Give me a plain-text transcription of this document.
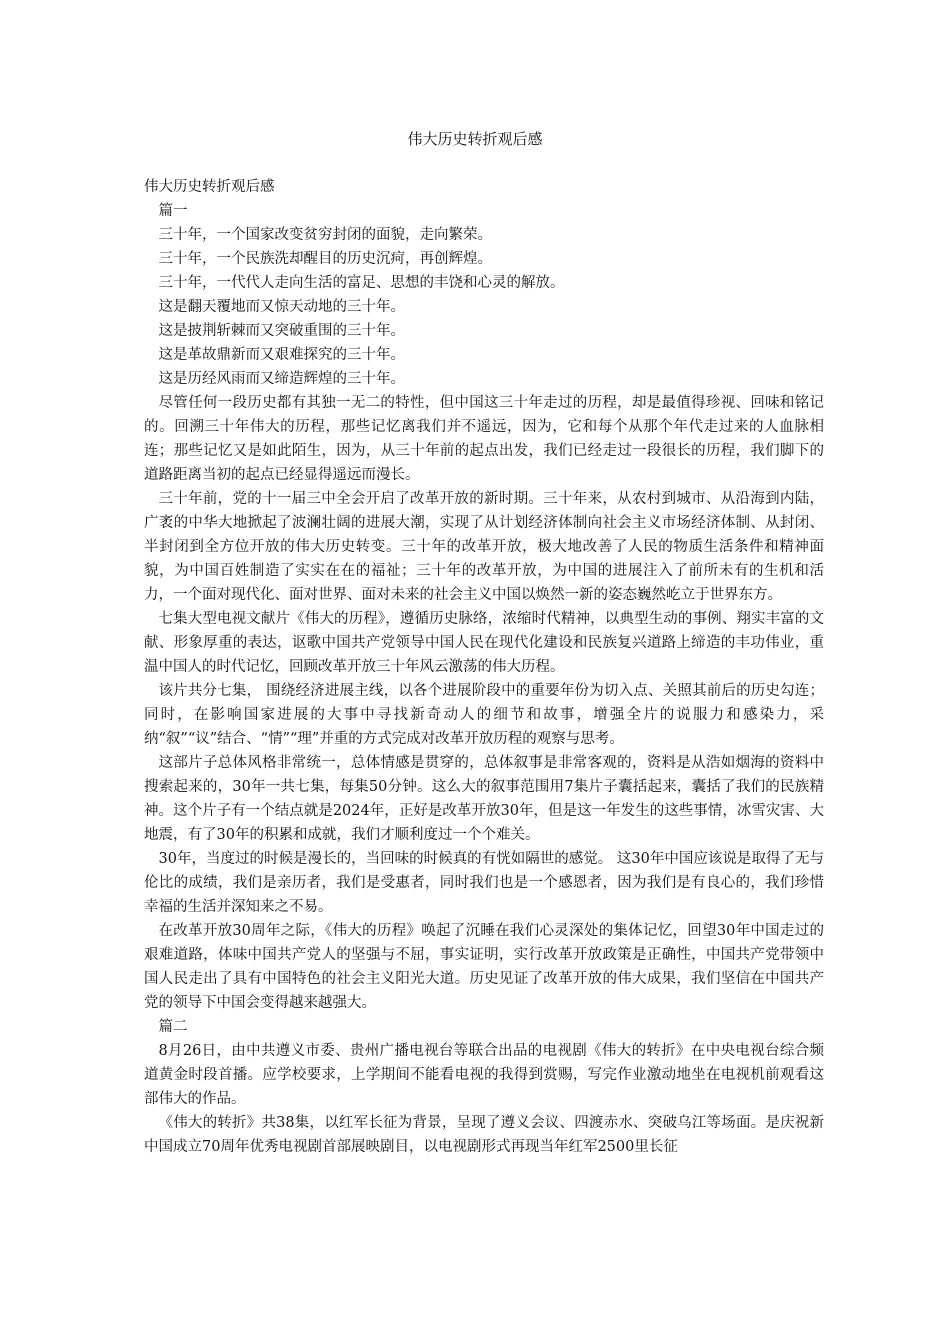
伟大历史转折观后感

伟大历史转折观后感

篇一

三十年，一个国家改变贫穷封闭的面貌，走向繁荣。

三十年，一个民族洗却醒目的历史沉疴，再创辉煌。

三十年，一代代人走向生活的富足、思想的丰饶和心灵的解放。

这是翻天覆地而又惊天动地的三十年。

这是披荆斩棘而又突破重围的三十年。

这是革故鼎新而又艰难探究的三十年。

这是历经风雨而又缔造辉煌的三十年。

尽管任何一段历史都有其独一无二的特性，但中国这三十年走过的历程，却是最值得珍视、回味和铭记的。回溯三十年伟大的历程，那些记忆离我们并不遥远，因为，它和每个从那个年代走过来的人血脉相连；那些记忆又是如此陌生，因为，从三十年前的起点出发，我们已经走过一段很长的历程，我们脚下的道路距离当初的起点已经显得遥远而漫长。

三十年前，党的十一届三中全会开启了改革开放的新时期。三十年来，从农村到城市、从沿海到内陆，广袤的中华大地掀起了波澜壮阔的进展大潮，实现了从计划经济体制向社会主义市场经济体制、从封闭、半封闭到全方位开放的伟大历史转变。三十年的改革开放，极大地改善了人民的物质生活条件和精神面貌，为中国百姓制造了实实在在的福祉；三十年的改革开放，为中国的进展注入了前所未有的生机和活力，一个面对现代化、面对世界、面对未来的社会主义中国以焕然一新的姿态巍然屹立于世界东方。

七集大型电视文献片《伟大的历程》，遵循历史脉络，浓缩时代精神，以典型生动的事例、翔实丰富的文献、形象厚重的表达，讴歌中国共产党领导中国人民在现代化建设和民族复兴道路上缔造的丰功伟业，重温中国人的时代记忆，回顾改革开放三十年风云激荡的伟大历程。

该片共分七集， 围绕经济进展主线，以各个进展阶段中的重要年份为切入点、关照其前后的历史勾连；同时，在影响国家进展的大事中寻找新奇动人的细节和故事，增强全片的说服力和感染力，采纳“叙”“议”结合、“情”“理”并重的方式完成对改革开放历程的观察与思考。

这部片子总体风格非常统一，总体情感是贯穿的，总体叙事是非常客观的，资料是从浩如烟海的资料中搜索起来的，30年一共七集，每集50分钟。这么大的叙事范围用7集片子囊括起来，囊括了我们的民族精神。这个片子有一个结点就是2024年，正好是改革开放30年，但是这一年发生的这些事情，冰雪灾害、大地震，有了30年的积累和成就，我们才顺利度过一个个难关。

30年，当度过的时候是漫长的，当回味的时候真的有恍如隔世的感觉。 这30年中国应该说是取得了无与伦比的成绩，我们是亲历者，我们是受惠者，同时我们也是一个感恩者，因为我们是有良心的，我们珍惜幸福的生活并深知来之不易。

在改革开放30周年之际，《伟大的历程》唤起了沉睡在我们心灵深处的集体记忆，回望30年中国走过的艰难道路，体味中国共产党人的坚强与不屈，事实证明，实行改革开放政策是正确性，中国共产党带领中国人民走出了具有中国特色的社会主义阳光大道。历史见证了改革开放的伟大成果，我们坚信在中国共产党的领导下中国会变得越来越强大。

篇二

8月26日，由中共遵义市委、贵州广播电视台等联合出品的电视剧《伟大的转折》在中央电视台综合频道黄金时段首播。应学校要求，上学期间不能看电视的我得到赏赐，写完作业激动地坐在电视机前观看这部伟大的作品。

《伟大的转折》共38集，以红军长征为背景，呈现了遵义会议、四渡赤水、突破乌江等场面。是庆祝新中国成立70周年优秀电视剧首部展映剧目，以电视剧形式再现当年红军2500里长征
